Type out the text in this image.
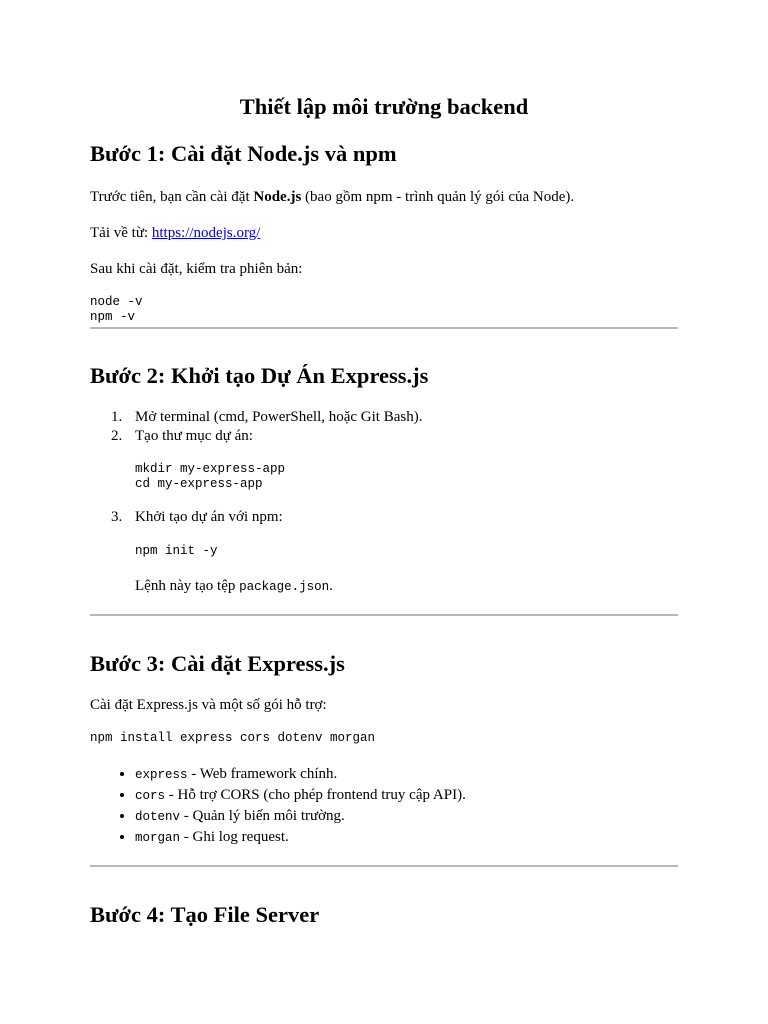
Thiết lập môi trường backend
Bước 1: Cài đặt Node.js và npm

Trước tiên, bạn cần cài đặt Node.js (bao gồm npm - trình quản lý gói của Node).

Tải về từ: https://nodejs.org/

Sau khi cài đặt, kiểm tra phiên bản:

node -v
npm -v
Bước 2: Khởi tạo Dự Án Express.js
1. Mở terminal (cmd, PowerShell, hoặc Git Bash).
2. Tạo thư mục dự án:
mkdir my-express-app
cd my-express-app
3. Khởi tạo dự án với npm:
npm init -y
Lệnh này tạo tệp package.json.
Bước 3: Cài đặt Express.js

Cài đặt Express.js và một số gói hỗ trợ:

npm install express cors dotenv morgan
• express - Web framework chính.
• cors - Hỗ trợ CORS (cho phép frontend truy cập API).
• dotenv - Quản lý biến môi trường.
• morgan - Ghi log request.
Bước 4: Tạo File Server
